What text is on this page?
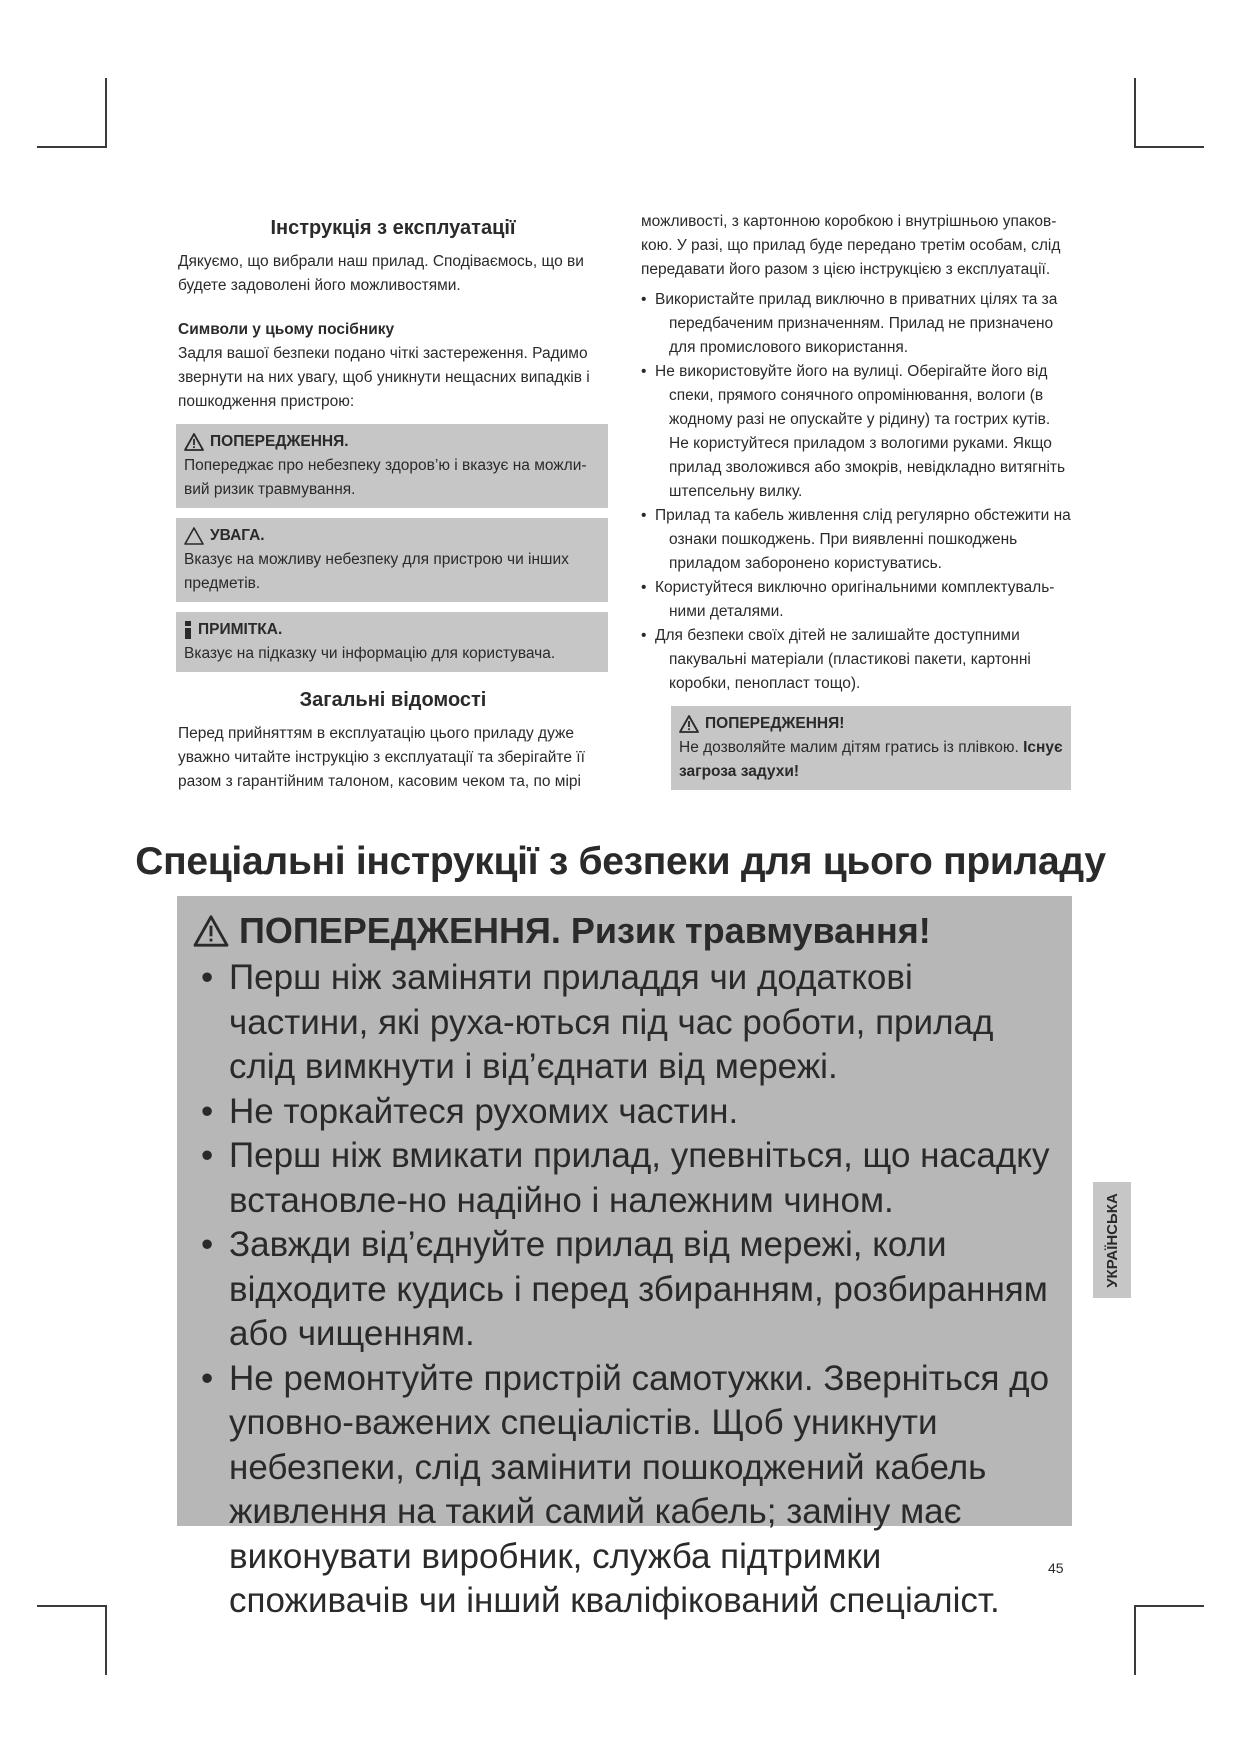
Інструкція з експлуатації

Дякуємо, що вибрали наш прилад. Сподіваємось, що ви будете задоволені його можливостями.

Символи у цьому посібнику

Задля вашої безпеки подано чіткі застереження. Радимо звернути на них увагу, щоб уникнути нещасних випадків і пошкодження пристрою:

ПОПЕРЕДЖЕННЯ.

Попереджає про небезпеку здоров’ю і вказує на можли-вий ризик травмування.

УВАГА.

Вказує на можливу небезпеку для пристрою чи інших предметів.

ПРИМІТКА.

Вказує на підказку чи інформацію для користувача.

Загальні відомості

Перед прийняттям в експлуатацію цього приладу дуже уважно читайте інструкцію з експлуатації та зберігайте її разом з гарантійним талоном, касовим чеком та, по мірі

можливості, з картонною коробкою і внутрішньою упаков-кою. У разі, що прилад буде передано третім особам, слід передавати його разом з цією інструкцією з експлуатації.

• Використайте прилад виключно в приватних цілях та за передбаченим призначенням. Прилад не призначено для промислового використання.
• Не використовуйте його на вулиці. Оберігайте його від спеки, прямого сонячного опромінювання, вологи (в жодному разі не опускайте у рідину) та гострих кутів. Не користуйтеся приладом з вологими руками. Якщо прилад зволожився або змокрів, невідкладно витягніть штепсельну вилку.
• Прилад та кабель живлення слід регулярно обстежити на ознаки пошкоджень. При виявленні пошкоджень приладом заборонено користуватись.
• Користуйтеся виключно оригінальними комплектуваль-ними деталями.
• Для безпеки своїх дітей не залишайте доступними пакувальні матеріали (пластикові пакети, картонні коробки, пенопласт тощо).
ПОПЕРЕДЖЕННЯ!

Не дозволяйте малим дітям гратись із плівкою. Існує загроза задухи!

Спеціальні інструкції з безпеки для цього приладу
ПОПЕРЕДЖЕННЯ. Ризик травмування!
• Перш ніж заміняти приладдя чи додаткові частини, які руха-ються під час роботи, прилад слід вимкнути і від’єднати від мережі.
• Не торкайтеся рухомих частин.
• Перш ніж вмикати прилад, упевніться, що насадку встановле-но надійно і належним чином.
• Завжди від’єднуйте прилад від мережі, коли відходите кудись і перед збиранням, розбиранням або чищенням.
• Не ремонтуйте пристрій самотужки. Зверніться до уповно-важених спеціалістів. Щоб уникнути небезпеки, слід замінити пошкоджений кабель живлення на такий самий кабель; заміну має виконувати виробник, служба підтримки споживачів чи інший кваліфікований спеціаліст.
УКРАЇНСЬКА
45
